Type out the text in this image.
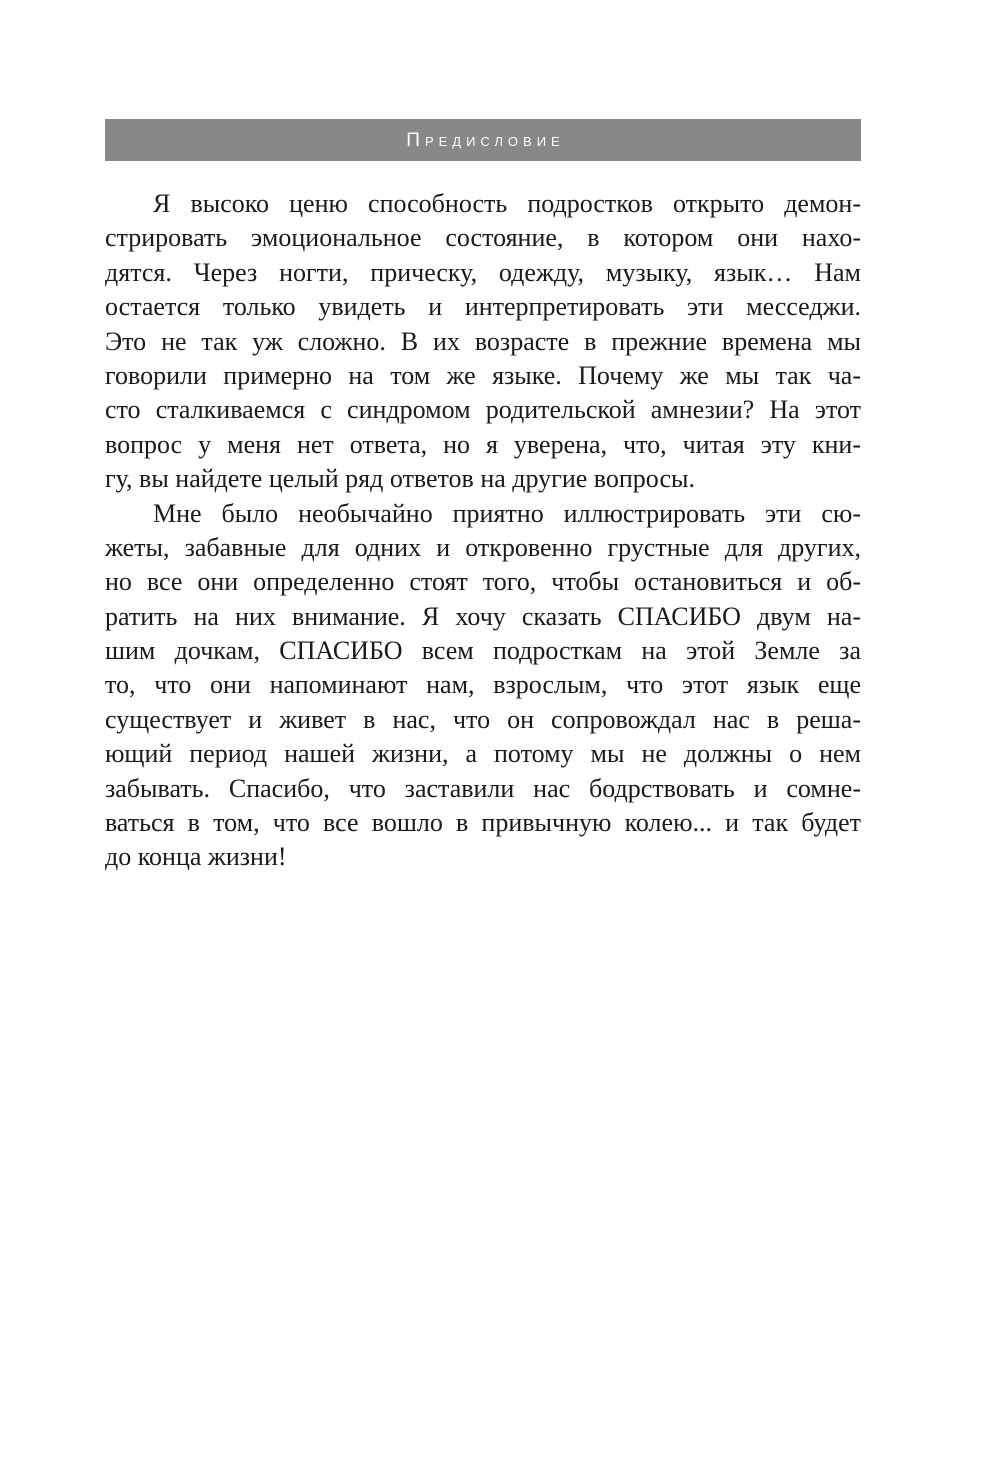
Предисловие
Я высоко ценю способность подростков открыто демон-
стрировать эмоциональное состояние, в котором они нахо-
дятся. Через ногти, прическу, одежду, музыку, язык… Нам
остается только увидеть и интерпретировать эти месседжи.
Это не так уж сложно. В их возрасте в прежние времена мы
говорили примерно на том же языке. Почему же мы так ча-
сто сталкиваемся с синдромом родительской амнезии? На этот
вопрос у меня нет ответа, но я уверена, что, читая эту кни-
гу, вы найдете целый ряд ответов на другие вопросы.
Мне было необычайно приятно иллюстрировать эти сю-
жеты, забавные для одних и откровенно грустные для других,
но все они определенно стоят того, чтобы остановиться и об-
ратить на них внимание. Я хочу сказать СПАСИБО двум на-
шим дочкам, СПАСИБО всем подросткам на этой Земле за
то, что они напоминают нам, взрослым, что этот язык еще
существует и живет в нас, что он сопровождал нас в реша-
ющий период нашей жизни, а потому мы не должны о нем
забывать. Спасибо, что заставили нас бодрствовать и сомне-
ваться в том, что все вошло в привычную колею... и так будет
до конца жизни!
